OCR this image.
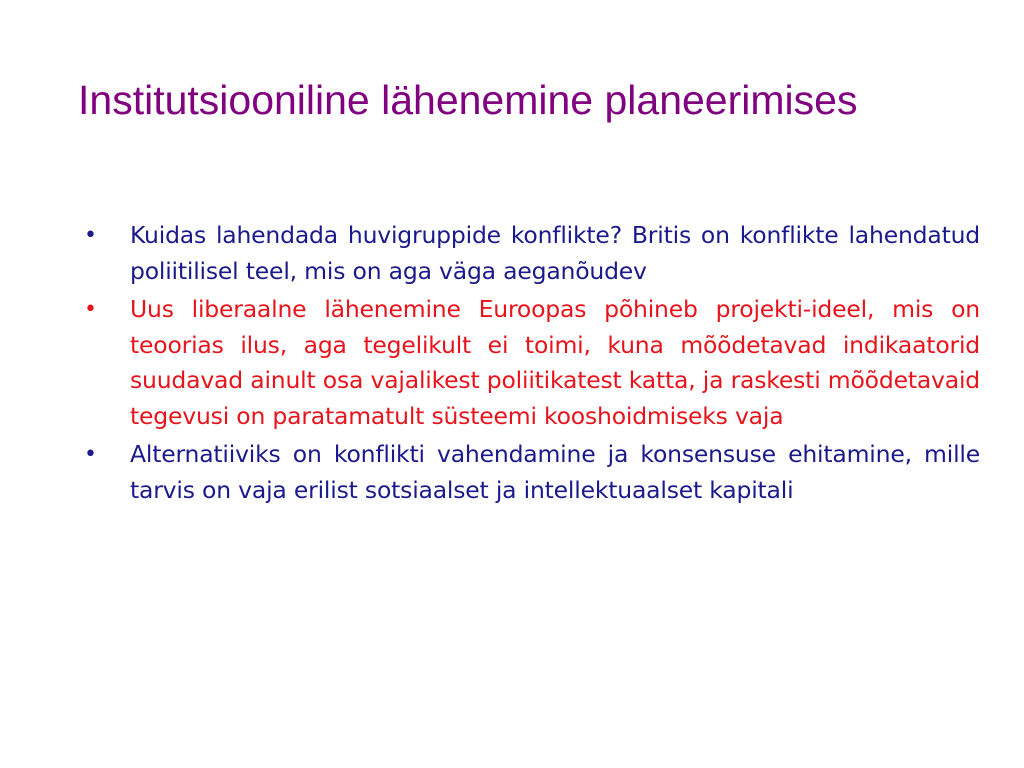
Institutsiooniline lähenemine planeerimises
•	Kuidas lahendada huvigruppide konflikte? Britis on konflikte lahendatud poliitilisel teel, mis on aga väga aeganõudev
•	Uus liberaalne lähenemine Euroopas põhineb projekti-ideel, mis on teoorias ilus, aga tegelikult ei toimi, kuna mõõdetavad indikaatorid suudavad ainult osa vajalikest poliitikatest katta, ja raskesti mõõdetavaid tegevusi on paratamatult süsteemi kooshoidmiseks vaja
•	Alternatiiviks on konflikti vahendamine ja konsensuse ehitamine, mille tarvis on vaja erilist sotsiaalset ja intellektuaalset kapitali
